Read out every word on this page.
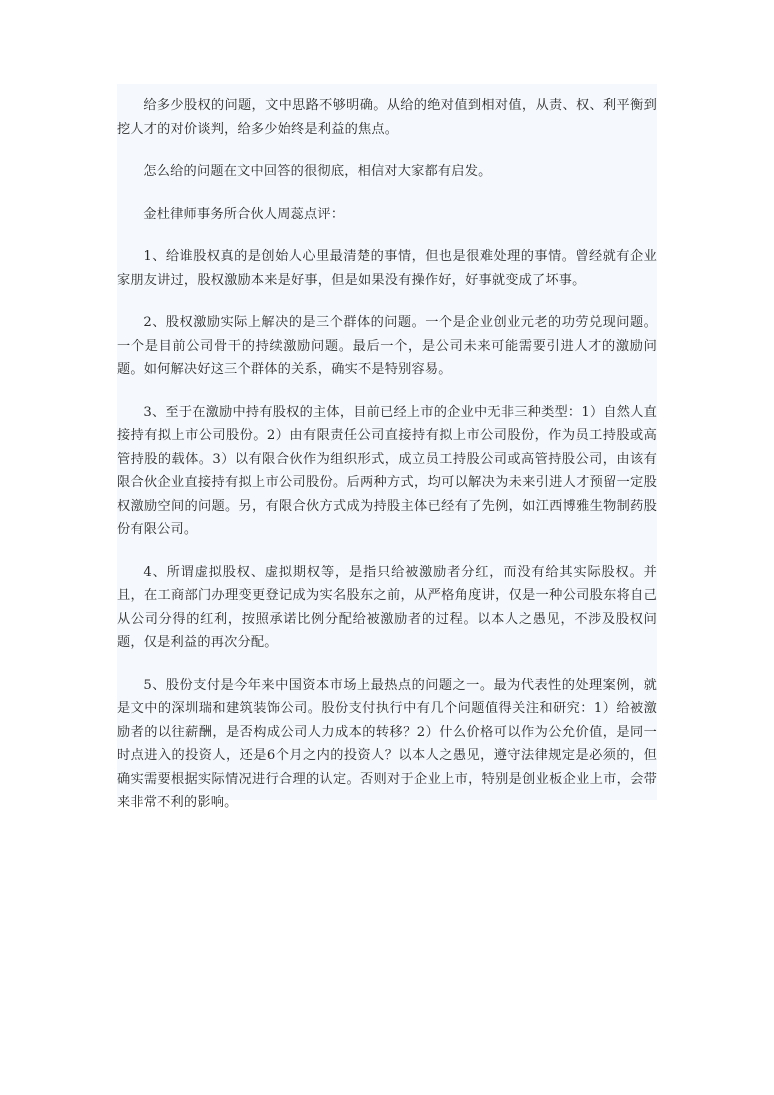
给多少股权的问题，文中思路不够明确。从给的绝对值到相对值，从责、权、利平衡到挖人才的对价谈判，给多少始终是利益的焦点。

怎么给的问题在文中回答的很彻底，相信对大家都有启发。

金杜律师事务所合伙人周蕊点评：

1、给谁股权真的是创始人心里最清楚的事情，但也是很难处理的事情。曾经就有企业家朋友讲过，股权激励本来是好事，但是如果没有操作好，好事就变成了坏事。

2、股权激励实际上解决的是三个群体的问题。一个是企业创业元老的功劳兑现问题。一个是目前公司骨干的持续激励问题。最后一个，是公司未来可能需要引进人才的激励问题。如何解决好这三个群体的关系，确实不是特别容易。

3、至于在激励中持有股权的主体，目前已经上市的企业中无非三种类型：1）自然人直接持有拟上市公司股份。2）由有限责任公司直接持有拟上市公司股份，作为员工持股或高管持股的载体。3）以有限合伙作为组织形式，成立员工持股公司或高管持股公司，由该有限合伙企业直接持有拟上市公司股份。后两种方式，均可以解决为未来引进人才预留一定股权激励空间的问题。另，有限合伙方式成为持股主体已经有了先例，如江西博雅生物制药股份有限公司。

4、所谓虚拟股权、虚拟期权等，是指只给被激励者分红，而没有给其实际股权。并且，在工商部门办理变更登记成为实名股东之前，从严格角度讲，仅是一种公司股东将自己从公司分得的红利，按照承诺比例分配给被激励者的过程。以本人之愚见，不涉及股权问题，仅是利益的再次分配。

5、股份支付是今年来中国资本市场上最热点的问题之一。最为代表性的处理案例，就是文中的深圳瑞和建筑装饰公司。股份支付执行中有几个问题值得关注和研究：1）给被激励者的以往薪酬，是否构成公司人力成本的转移？2）什么价格可以作为公允价值，是同一时点进入的投资人，还是6个月之内的投资人？以本人之愚见，遵守法律规定是必须的，但确实需要根据实际情况进行合理的认定。否则对于企业上市，特别是创业板企业上市，会带来非常不利的影响。
